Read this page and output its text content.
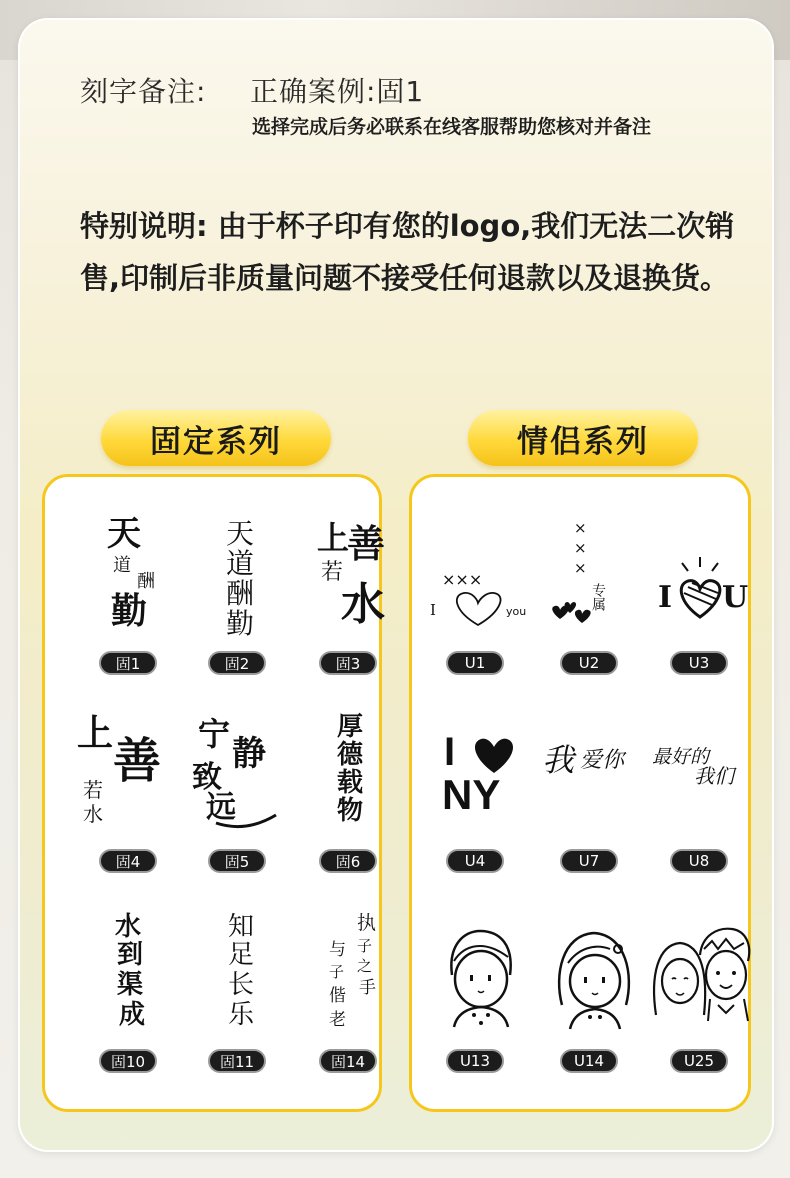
刻字备注: 正确案例:固1
选择完成后务必联系在线客服帮助您核对并备注
特别说明: 由于杯子印有您的logo,我们无法二次销售,印制后非质量问题不接受任何退款以及退换货。
固定系列
天
道
酬
勤
固1
天
道
酬
勤
固2
上
善
若
水
固3
上 善
若
水
固4
宁 静
致
远
固5
厚
德
载
物
固6
水
到
渠
成
固10
知
足
长
乐
固11
执
子
之
手
与
子
偕
老
固14
情侣系列
×××
I	you
U1
×
×
×
专属
U2
I U
U3
I
NY
U4
我 爱你
U7
最好的
我们
U8
U13	U14	U25
